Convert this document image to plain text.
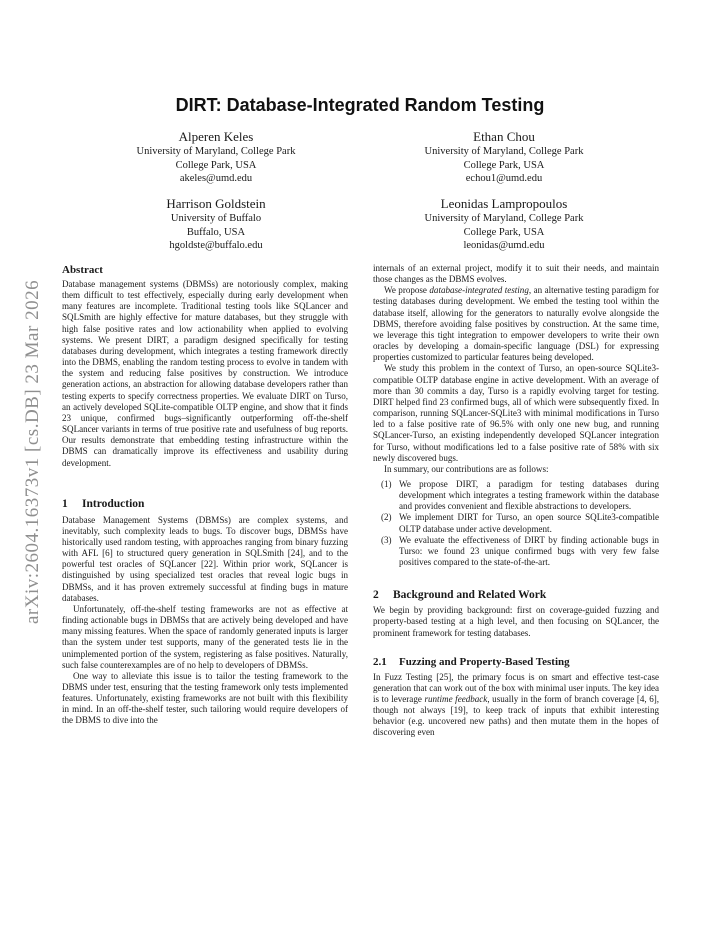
arXiv:2604.16373v1 [cs.DB] 23 Mar 2026
DIRT: Database-Integrated Random Testing
Alperen Keles
University of Maryland, College Park
College Park, USA
akeles@umd.edu
Ethan Chou
University of Maryland, College Park
College Park, USA
echou1@umd.edu
Harrison Goldstein
University of Buffalo
Buffalo, USA
hgoldste@buffalo.edu
Leonidas Lampropoulos
University of Maryland, College Park
College Park, USA
leonidas@umd.edu
Abstract

Database management systems (DBMSs) are notoriously complex, making them difficult to test effectively, especially during early development when many features are incomplete. Traditional testing tools like SQLancer and SQLSmith are highly effective for mature databases, but they struggle with high false positive rates and low actionability when applied to evolving systems. We present DIRT, a paradigm designed specifically for testing databases during development, which integrates a testing framework directly into the DBMS, enabling the random testing process to evolve in tandem with the system and reducing false positives by construction. We introduce generation actions, an abstraction for allowing database developers rather than testing experts to specify correctness properties. We evaluate DIRT on Turso, an actively developed SQLite-compatible OLTP engine, and show that it finds 23 unique, confirmed bugs–significantly outperforming off-the-shelf SQLancer variants in terms of true positive rate and usefulness of bug reports. Our results demonstrate that embedding testing infrastructure within the DBMS can dramatically improve its effectiveness and usability during development.

1 Introduction

Database Management Systems (DBMSs) are complex systems, and inevitably, such complexity leads to bugs. To discover bugs, DBMSs have historically used random testing, with approaches ranging from binary fuzzing with AFL [6] to structured query generation in SQLSmith [24], and to the powerful test oracles of SQLancer [22]. Within prior work, SQLancer is distinguished by using specialized test oracles that reveal logic bugs in DBMSs, and it has proven extremely successful at finding bugs in mature databases.

Unfortunately, off-the-shelf testing frameworks are not as effective at finding actionable bugs in DBMSs that are actively being developed and have many missing features. When the space of randomly generated inputs is larger than the system under test supports, many of the generated tests lie in the unimplemented portion of the system, registering as false positives. Naturally, such false counterexamples are of no help to developers of DBMSs.

One way to alleviate this issue is to tailor the testing framework to the DBMS under test, ensuring that the testing framework only tests implemented features. Unfortunately, existing frameworks are not built with this flexibility in mind. In an off-the-shelf tester, such tailoring would require developers of the DBMS to dive into the

internals of an external project, modify it to suit their needs, and maintain those changes as the DBMS evolves.

We propose database-integrated testing, an alternative testing paradigm for testing databases during development. We embed the testing tool within the database itself, allowing for the generators to naturally evolve alongside the DBMS, therefore avoiding false positives by construction. At the same time, we leverage this tight integration to empower developers to write their own oracles by developing a domain-specific language (DSL) for expressing properties customized to particular features being developed.

We study this problem in the context of Turso, an open-source SQLite3-compatible OLTP database engine in active development. With an average of more than 30 commits a day, Turso is a rapidly evolving target for testing. DIRT helped find 23 confirmed bugs, all of which were subsequently fixed. In comparison, running SQLancer-SQLite3 with minimal modifications in Turso led to a false positive rate of 96.5% with only one new bug, and running SQLancer-Turso, an existing independently developed SQLancer integration for Turso, without modifications led to a false positive rate of 58% with six newly discovered bugs.

In summary, our contributions are as follows:

(1) We propose DIRT, a paradigm for testing databases during development which integrates a testing framework within the database and provides convenient and flexible abstractions to developers.
(2) We implement DIRT for Turso, an open source SQLite3-compatible OLTP database under active development.
(3) We evaluate the effectiveness of DIRT by finding actionable bugs in Turso: we found 23 unique confirmed bugs with very few false positives compared to the state-of-the-art.
2 Background and Related Work

We begin by providing background: first on coverage-guided fuzzing and property-based testing at a high level, and then focusing on SQLancer, the prominent framework for testing databases.

2.1 Fuzzing and Property-Based Testing

In Fuzz Testing [25], the primary focus is on smart and effective test-case generation that can work out of the box with minimal user inputs. The key idea is to leverage runtime feedback, usually in the form of branch coverage [4, 6], though not always [19], to keep track of inputs that exhibit interesting behavior (e.g. uncovered new paths) and then mutate them in the hopes of discovering even
